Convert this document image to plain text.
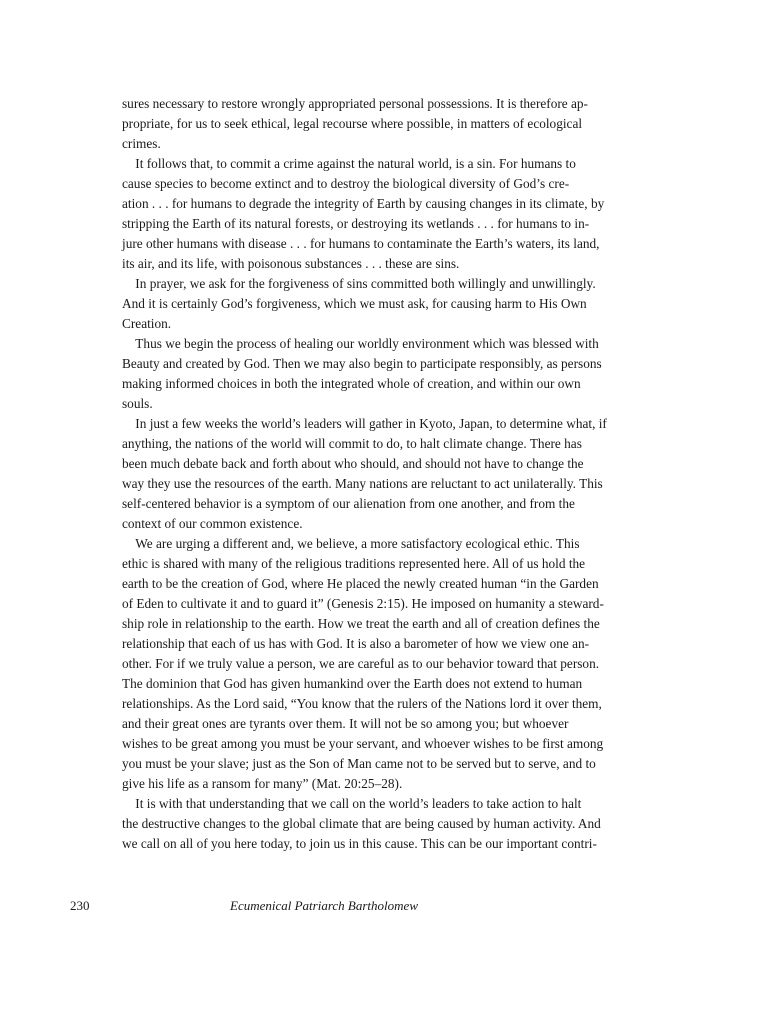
sures necessary to restore wrongly appropriated personal possessions. It is therefore ap-
propriate, for us to seek ethical, legal recourse where possible, in matters of ecological
crimes.

 It follows that, to commit a crime against the natural world, is a sin. For humans to
cause species to become extinct and to destroy the biological diversity of God’s cre-
ation . . . for humans to degrade the integrity of Earth by causing changes in its climate, by
stripping the Earth of its natural forests, or destroying its wetlands . . . for humans to in-
jure other humans with disease . . . for humans to contaminate the Earth’s waters, its land,
its air, and its life, with poisonous substances . . . these are sins.

 In prayer, we ask for the forgiveness of sins committed both willingly and unwillingly.
And it is certainly God’s forgiveness, which we must ask, for causing harm to His Own
Creation.

 Thus we begin the process of healing our worldly environment which was blessed with
Beauty and created by God. Then we may also begin to participate responsibly, as persons
making informed choices in both the integrated whole of creation, and within our own
souls.

 In just a few weeks the world’s leaders will gather in Kyoto, Japan, to determine what, if
anything, the nations of the world will commit to do, to halt climate change. There has
been much debate back and forth about who should, and should not have to change the
way they use the resources of the earth. Many nations are reluctant to act unilaterally. This
self-centered behavior is a symptom of our alienation from one another, and from the
context of our common existence.

 We are urging a different and, we believe, a more satisfactory ecological ethic. This
ethic is shared with many of the religious traditions represented here. All of us hold the
earth to be the creation of God, where He placed the newly created human “in the Garden
of Eden to cultivate it and to guard it” (Genesis 2:15). He imposed on humanity a steward-
ship role in relationship to the earth. How we treat the earth and all of creation defines the
relationship that each of us has with God. It is also a barometer of how we view one an-
other. For if we truly value a person, we are careful as to our behavior toward that person.
The dominion that God has given humankind over the Earth does not extend to human
relationships. As the Lord said, “You know that the rulers of the Nations lord it over them,
and their great ones are tyrants over them. It will not be so among you; but whoever
wishes to be great among you must be your servant, and whoever wishes to be first among
you must be your slave; just as the Son of Man came not to be served but to serve, and to
give his life as a ransom for many” (Mat. 20:25–28).

 It is with that understanding that we call on the world’s leaders to take action to halt
the destructive changes to the global climate that are being caused by human activity. And
we call on all of you here today, to join us in this cause. This can be our important contri-

230	Ecumenical Patriarch Bartholomew
